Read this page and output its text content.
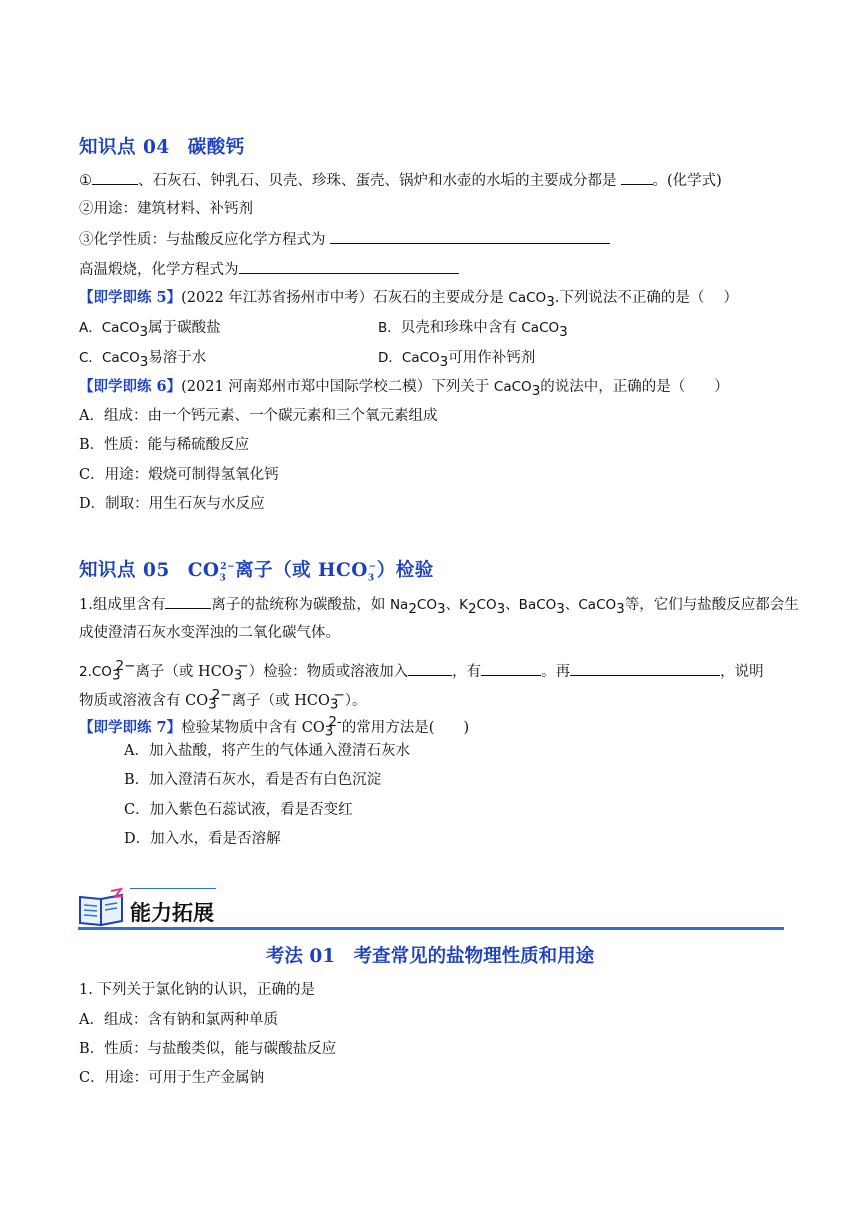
知识点 04 碳酸钙
①	、石灰石、钟乳石、贝壳、珍珠、蛋壳、锅炉和水壶的水垢的主要成分都是 。(化学式)
②用途：建筑材料、补钙剂
③化学性质：与盐酸反应化学方程式为
高温煅烧，化学方程式为
【即学即练 5】(2022 年江苏省扬州市中考）石灰石的主要成分是 CaCO$_3$.下列说法不正确的是（　 ）
A．CaCO$_3$属于碳酸盐	B．贝壳和珍珠中含有 CaCO$_3$
C．CaCO$_3$易溶于水	D．CaCO$_3$可用作补钙剂
【即学即练 6】(2021 河南郑州市郑中国际学校二模）下列关于 CaCO$_3$的说法中，正确的是（　　）
A．组成：由一个钙元素、一个碳元素和三个氧元素组成
B．性质：能与稀硫酸反应
C．用途：煅烧可制得氢氧化钙
D．制取：用生石灰与水反应
知识点 05 $CO_3^{2-}$离子（或 $HCO_3^-$）检验
1.组成里含有	离子的盐统称为碳酸盐，如 $Na_2CO_3$、$K_2CO_3$、BaCO$_3$、CaCO$_3$等，它们与盐酸反应都会生
成使澄清石灰水变浑浊的二氧化碳气体。
$2.CO_3^{2-}$离子（或 $HCO_3^-$）检验：物质或溶液加入	，有	。再	，说明
物质或溶液含有 $CO_3^{2-}$离子（或 $HCO_3^-$）。
【即学即练 7】检验某物质中含有 $CO_3^{2-}$的常用方法是(　　)
A．加入盐酸，将产生的气体通入澄清石灰水
B．加入澄清石灰水，看是否有白色沉淀
C．加入紫色石蕊试液，看是否变红
D．加入水，看是否溶解
能力拓展
考法 01　考查常见的盐物理性质和用途
1. 下列关于氯化钠的认识，正确的是
A．组成：含有钠和氯两种单质
B．性质：与盐酸类似，能与碳酸盐反应
C．用途：可用于生产金属钠
